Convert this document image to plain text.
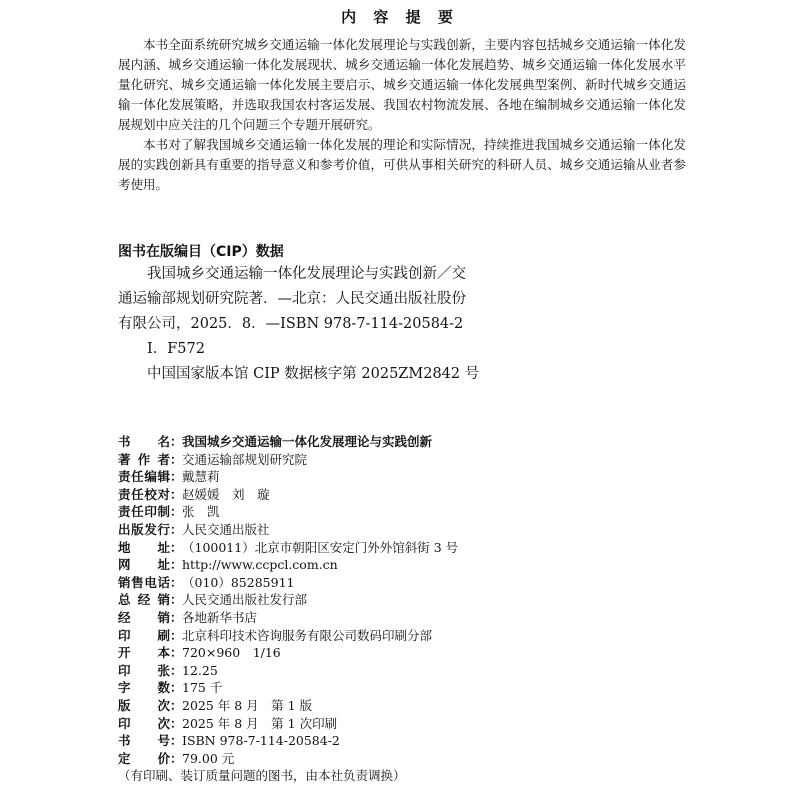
内 容 提 要

本书全面系统研究城乡交通运输一体化发展理论与实践创新，主要内容包括城乡交通运输一体化发展内涵、城乡交通运输一体化发展现状、城乡交通运输一体化发展趋势、城乡交通运输一体化发展水平量化研究、城乡交通运输一体化发展主要启示、城乡交通运输一体化发展典型案例、新时代城乡交通运输一体化发展策略，并选取我国农村客运发展、我国农村物流发展、各地在编制城乡交通运输一体化发展规划中应关注的几个问题三个专题开展研究。

本书对了解我国城乡交通运输一体化发展的理论和实际情况，持续推进我国城乡交通运输一体化发展的实践创新具有重要的指导意义和参考价值，可供从事相关研究的科研人员、城乡交通运输从业者参考使用。

图书在版编目（CIP）数据
我国城乡交通运输一体化发展理论与实践创新／交
通运输部规划研究院著．—北京：人民交通出版社股份
有限公司，2025．8．—ISBN 978-7-114-20584-2
Ⅰ．F572
中国国家版本馆 CIP 数据核字第 2025ZM2842 号
书 名 ： 我国城乡交通运输一体化发展理论与实践创新
著 作 者 ： 交通运输部规划研究院
责 任 编 辑 ： 戴慧莉
责 任 校 对 ： 赵媛媛　刘　璇
责 任 印 制 ： 张　凯
出 版 发 行 ： 人民交通出版社
地 址 ： （100011）北京市朝阳区安定门外外馆斜街 3 号
网 址 ： http://www.ccpcl.com.cn
销 售 电 话 ： （010）85285911
总 经 销 ： 人民交通出版社发行部
经 销 ： 各地新华书店
印 刷 ： 北京科印技术咨询服务有限公司数码印刷分部
开 本 ： 720×960　1/16
印 张 ： 12.25
字 数 ： 175 千
版 次 ： 2025 年 8 月　第 1 版
印 次 ： 2025 年 8 月　第 1 次印刷
书 号 ： ISBN 978-7-114-20584-2
定 价 ： 79.00 元
（有印刷、装订质量问题的图书，由本社负责调换）
